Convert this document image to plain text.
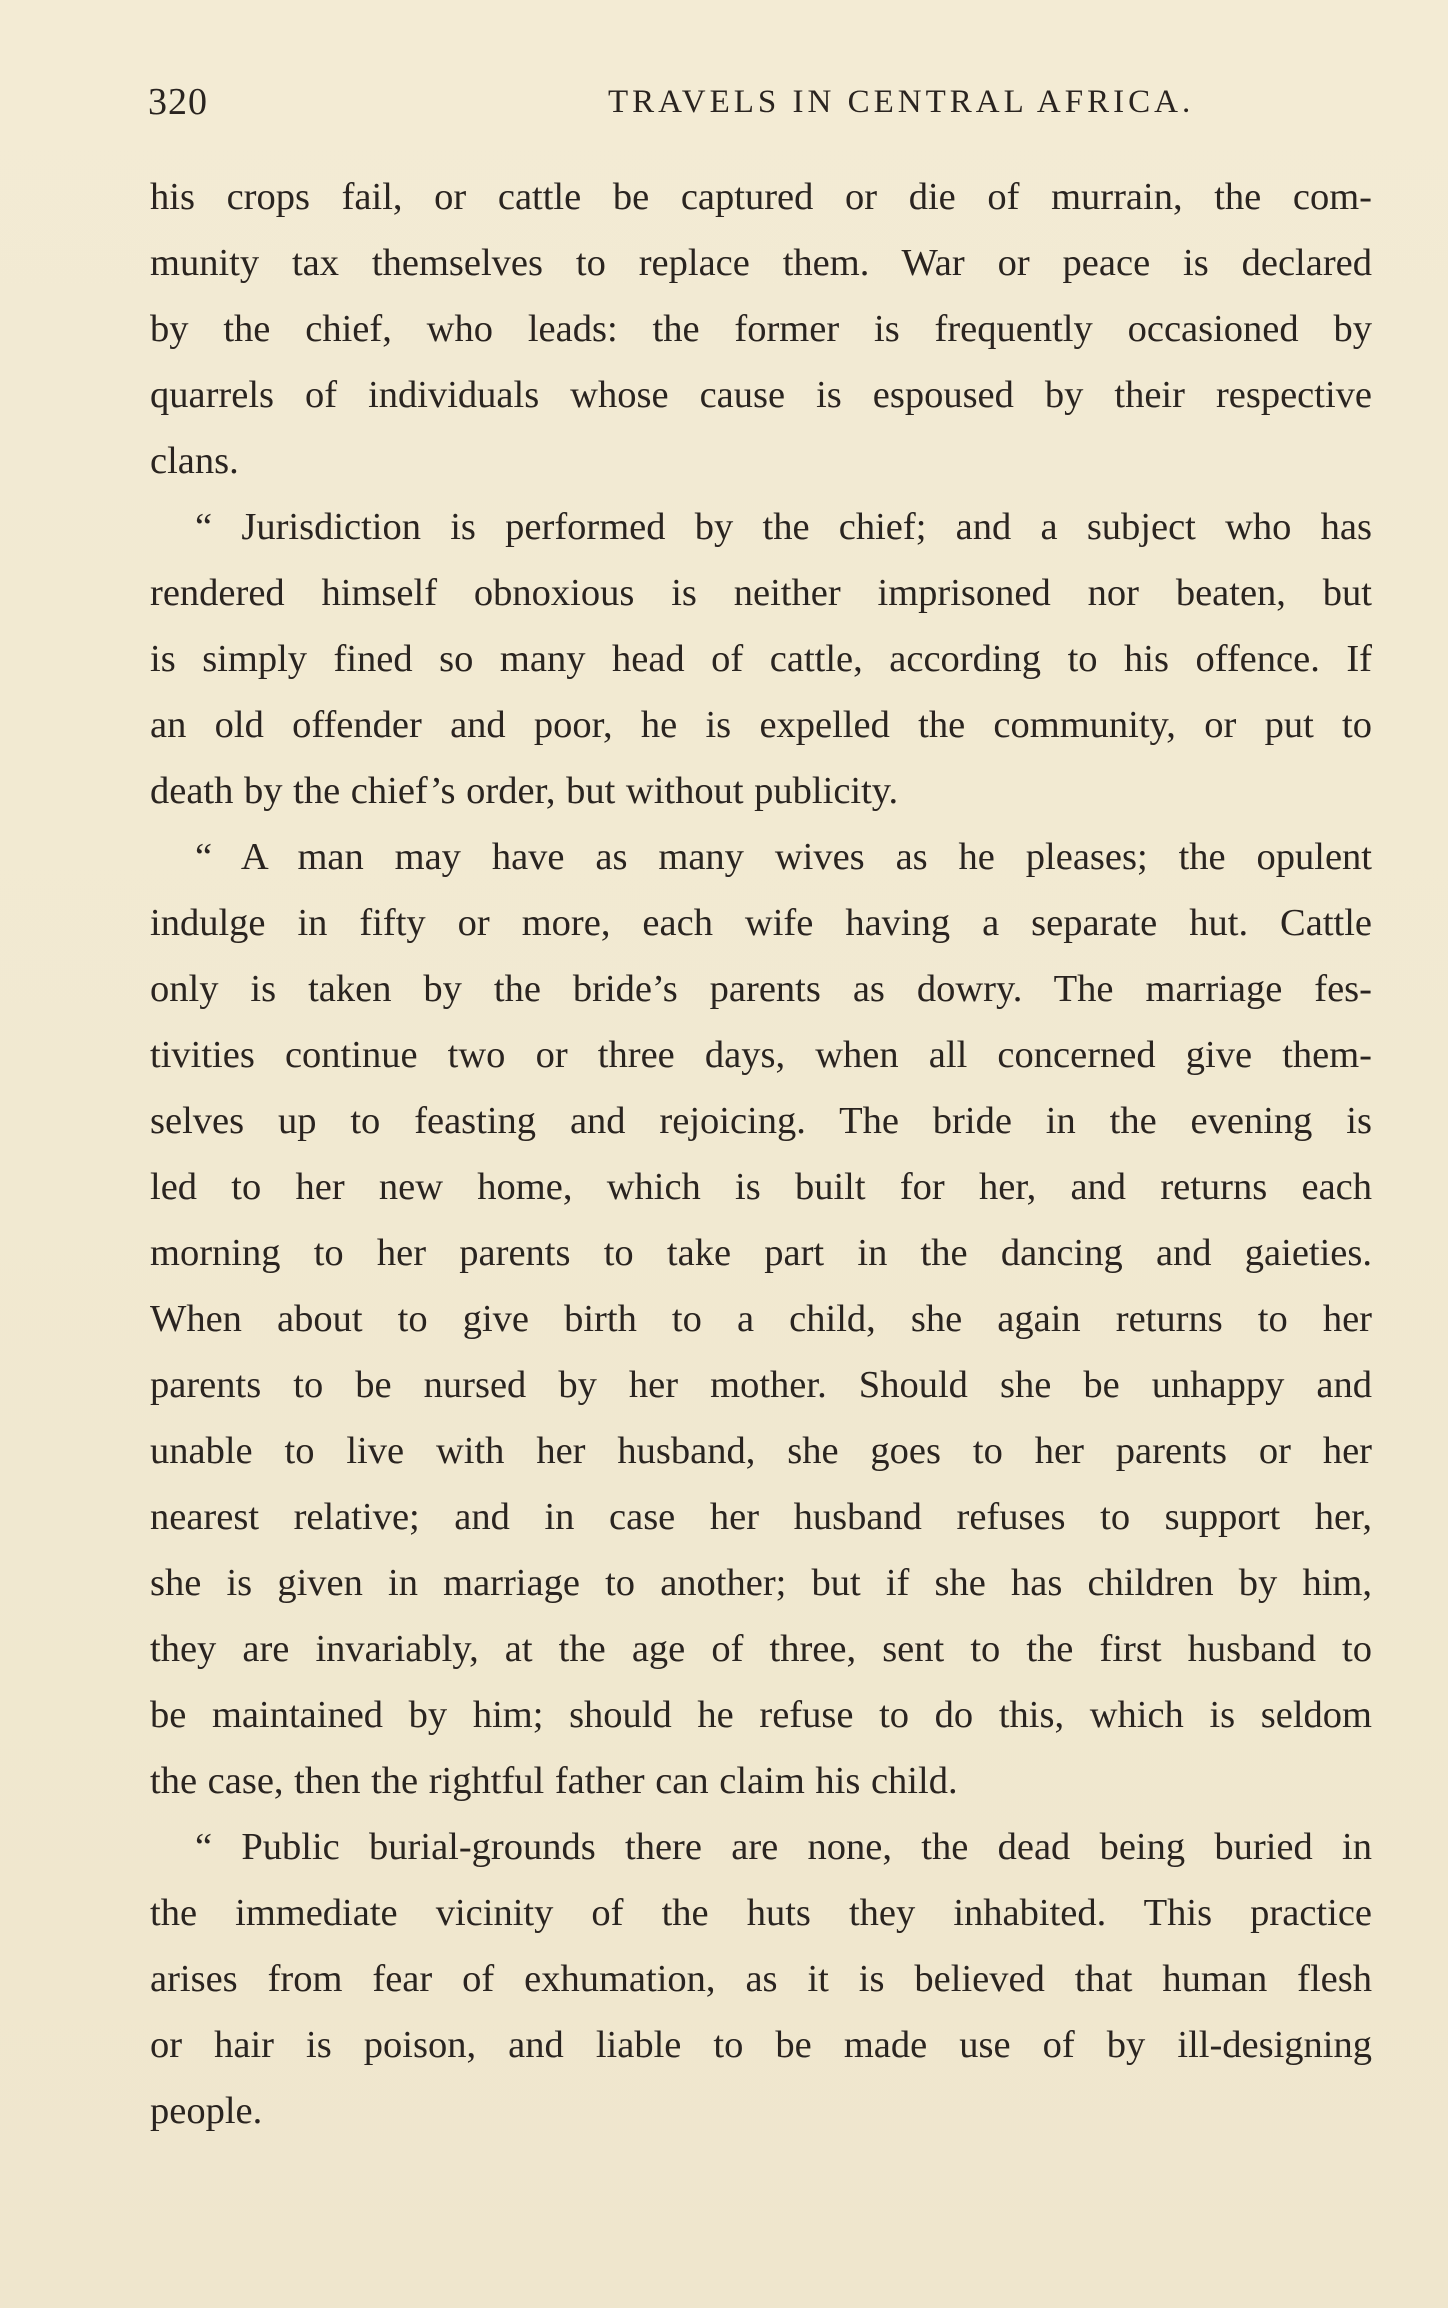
320	TRAVELS IN CENTRAL AFRICA.
his crops fail, or cattle be captured or die of murrain, the com-
munity tax themselves to replace them. War or peace is declared
by the chief, who leads: the former is frequently occasioned by
quarrels of individuals whose cause is espoused by their respective
clans.
“ Jurisdiction is performed by the chief; and a subject who has
rendered himself obnoxious is neither imprisoned nor beaten, but
is simply fined so many head of cattle, according to his offence. If
an old offender and poor, he is expelled the community, or put to
death by the chief’s order, but without publicity.
“ A man may have as many wives as he pleases; the opulent
indulge in fifty or more, each wife having a separate hut. Cattle
only is taken by the bride’s parents as dowry. The marriage fes-
tivities continue two or three days, when all concerned give them-
selves up to feasting and rejoicing. The bride in the evening is
led to her new home, which is built for her, and returns each
morning to her parents to take part in the dancing and gaieties.
When about to give birth to a child, she again returns to her
parents to be nursed by her mother. Should she be unhappy and
unable to live with her husband, she goes to her parents or her
nearest relative; and in case her husband refuses to support her,
she is given in marriage to another; but if she has children by him,
they are invariably, at the age of three, sent to the first husband to
be maintained by him; should he refuse to do this, which is seldom
the case, then the rightful father can claim his child.
“ Public burial-grounds there are none, the dead being buried in
the immediate vicinity of the huts they inhabited. This practice
arises from fear of exhumation, as it is believed that human flesh
or hair is poison, and liable to be made use of by ill-designing
people.
